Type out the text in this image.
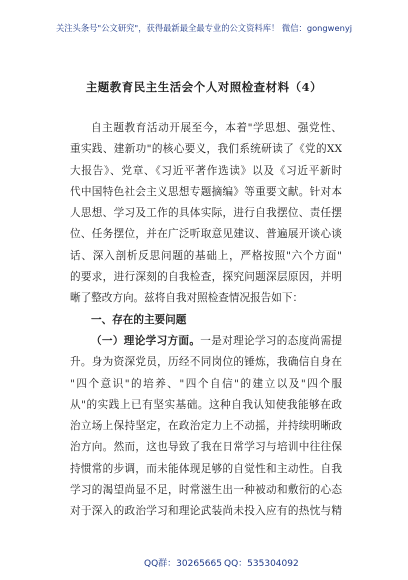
关注头条号"公文研究"，获得最新最全最专业的公文资料库！ 微信：gongwenyj
主题教育民主生活会个人对照检查材料（4）
自主题教育活动开展至今，本着"学思想、强党性、
重实践、建新功"的核心要义，我们系统研读了《党的XX
大报告》、党章、《习近平著作选读》以及《习近平新时
代中国特色社会主义思想专题摘编》等重要文献。针对本
人思想、学习及工作的具体实际，进行自我摆位、责任摆
位、任务摆位，并在广泛听取意见建议、普遍展开谈心谈
话、深入剖析反思问题的基础上，严格按照"六个方面"
的要求，进行深刻的自我检查，探究问题深层原因，并明
晰了整改方向。兹将自我对照检查情况报告如下：
一、存在的主要问题
（一）理论学习方面。一是对理论学习的态度尚需提
升。身为资深党员，历经不同岗位的锤炼，我确信自身在
"四个意识"的培养、"四个自信"的建立以及"四个服
从"的实践上已有坚实基础。这种自我认知使我能够在政
治立场上保持坚定，在政治定力上不动摇，并持续明晰政
治方向。然而，这也导致了我在日常学习与培训中往往保
持惯常的步调，而未能体现足够的自觉性和主动性。自我
学习的渴望尚显不足，时常滋生出一种被动和敷衍的心态
对于深入的政治学习和理论武装尚未投入应有的热忱与精
QQ群：30265665 QQ：535304092
